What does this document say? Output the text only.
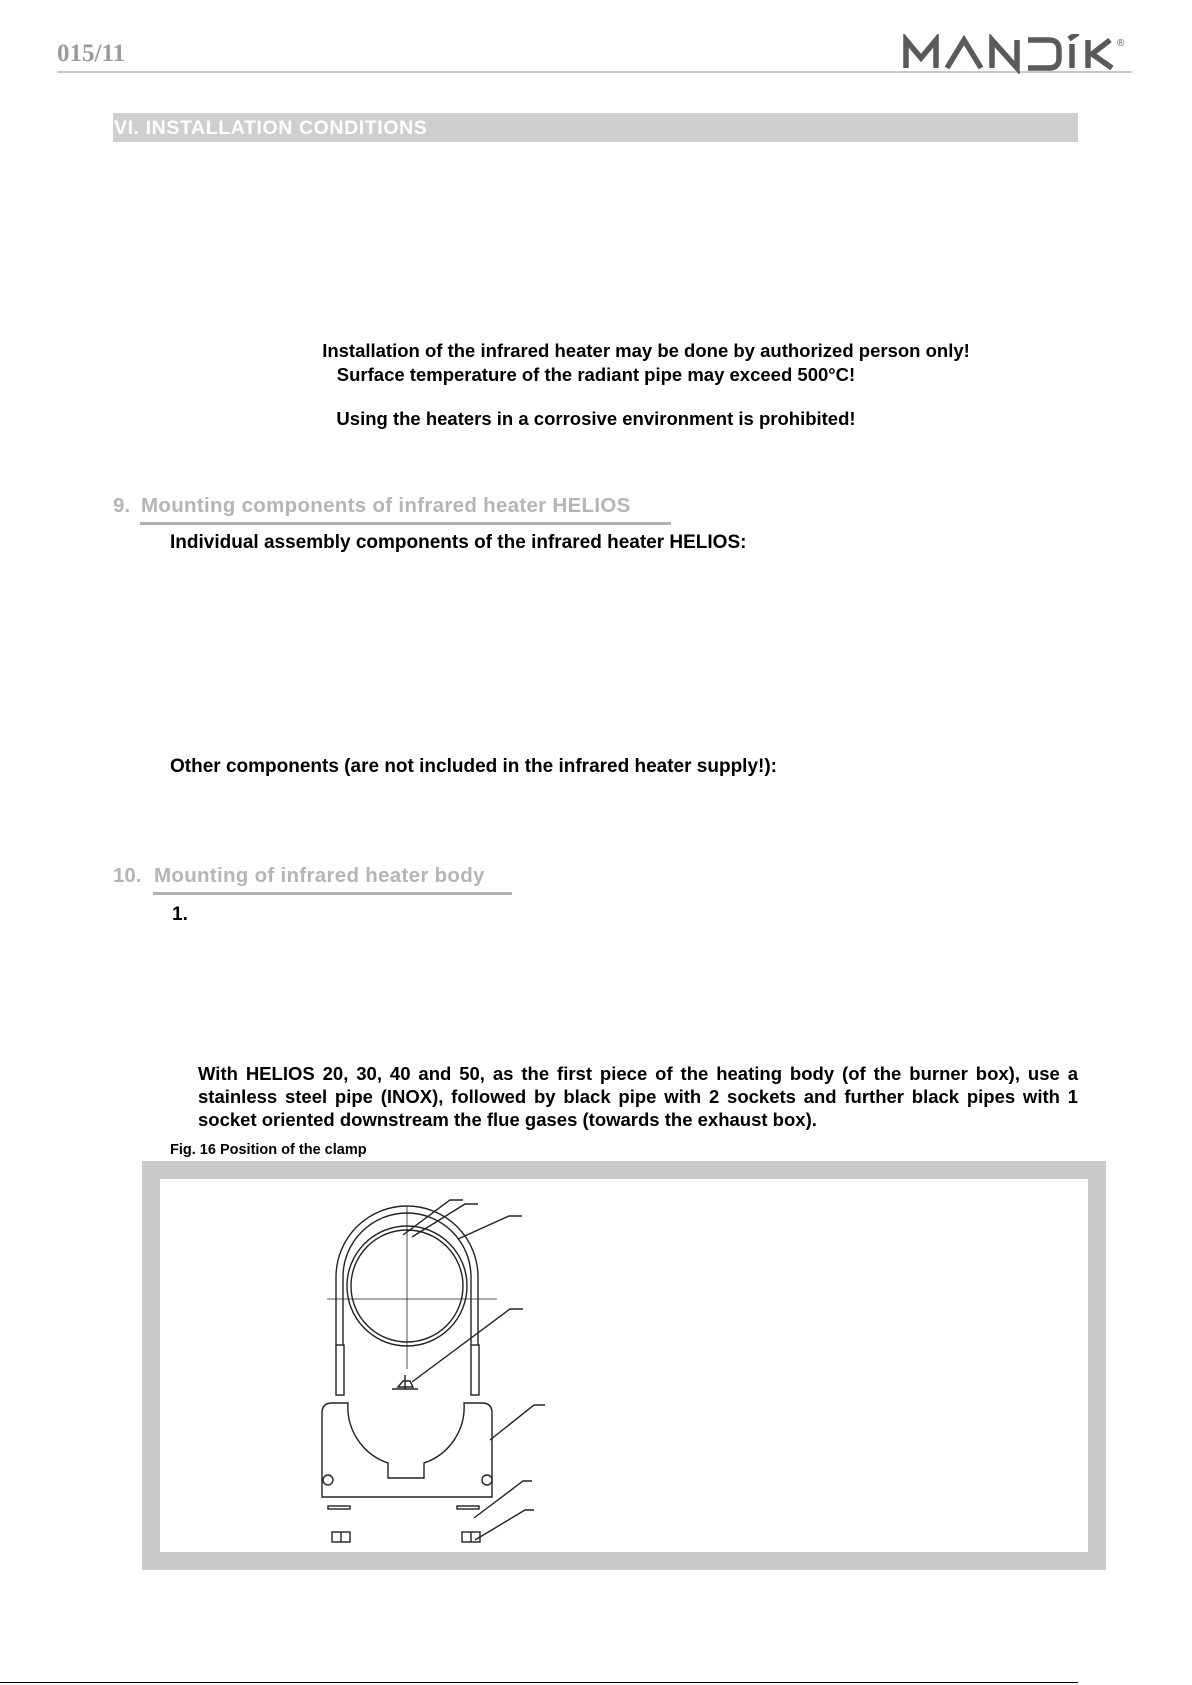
015/11	®
VI. INSTALLATION CONDITIONS
Installation of the infrared heater may be done by authorized person only!
Surface temperature of the radiant pipe may exceed 500°C!
Using the heaters in a corrosive environment is prohibited!
9. Mounting components of infrared heater HELIOS
Individual assembly components of the infrared heater HELIOS:
Other components (are not included in the infrared heater supply!):
10. Mounting of infrared heater body
1.
With HELIOS 20, 30, 40 and 50, as the first piece of the heating body (of the burner box), use a stainless steel pipe (INOX), followed by black pipe with 2 sockets and further black pipes with 1 socket oriented downstream the flue gases (towards the exhaust box).
Fig. 16 Position of the clamp
